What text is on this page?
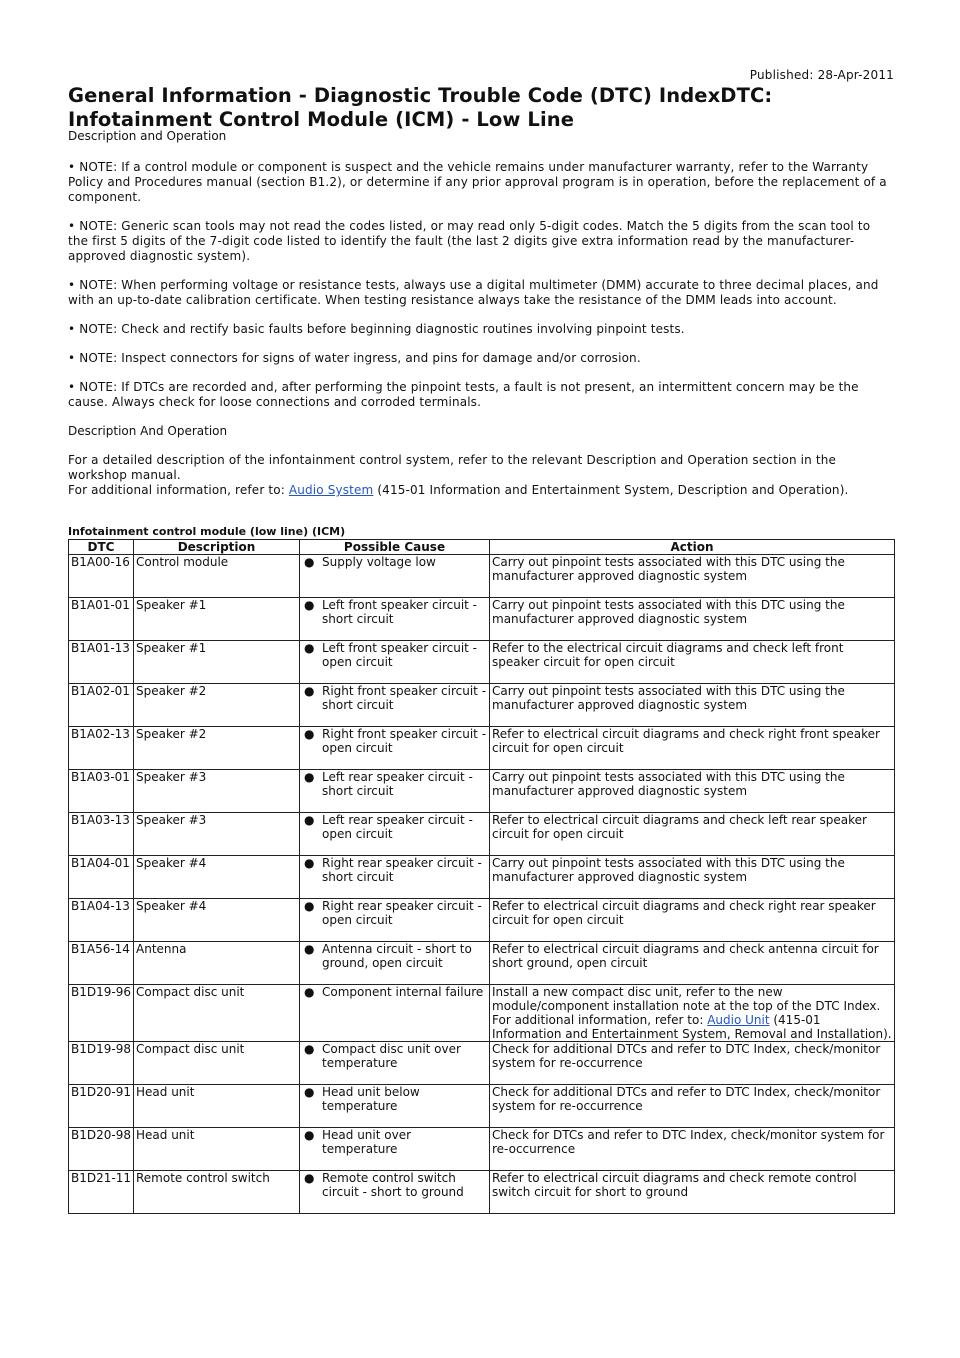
Published: 28-Apr-2011
General Information - Diagnostic Trouble Code (DTC) IndexDTC:
Infotainment Control Module (ICM) - Low Line
Description and Operation

• NOTE: If a control module or component is suspect and the vehicle remains under manufacturer warranty, refer to the Warranty Policy and Procedures manual (section B1.2), or determine if any prior approval program is in operation, before the replacement of a component.

• NOTE: Generic scan tools may not read the codes listed, or may read only 5-digit codes. Match the 5 digits from the scan tool to the first 5 digits of the 7-digit code listed to identify the fault (the last 2 digits give extra information read by the manufacturer-approved diagnostic system).

• NOTE: When performing voltage or resistance tests, always use a digital multimeter (DMM) accurate to three decimal places, and with an up-to-date calibration certificate. When testing resistance always take the resistance of the DMM leads into account.

• NOTE: Check and rectify basic faults before beginning diagnostic routines involving pinpoint tests.

• NOTE: Inspect connectors for signs of water ingress, and pins for damage and/or corrosion.

• NOTE: If DTCs are recorded and, after performing the pinpoint tests, a fault is not present, an intermittent concern may be the cause. Always check for loose connections and corroded terminals.

Description And Operation

For a detailed description of the infontainment control system, refer to the relevant Description and Operation section in the workshop manual.
For additional information, refer to: Audio System (415-01 Information and Entertainment System, Description and Operation).

Infotainment control module (low line) (ICM)
DTC	Description	Possible Cause	Action
B1A00-16	Control module	● Supply voltage low	Carry out pinpoint tests associated with this DTC using the manufacturer approved diagnostic system
B1A01-01	Speaker #1	● Left front speaker circuit - short circuit	Carry out pinpoint tests associated with this DTC using the manufacturer approved diagnostic system
B1A01-13	Speaker #1	● Left front speaker circuit - open circuit	Refer to the electrical circuit diagrams and check left front speaker circuit for open circuit
B1A02-01	Speaker #2	● Right front speaker circuit - short circuit	Carry out pinpoint tests associated with this DTC using the manufacturer approved diagnostic system
B1A02-13	Speaker #2	● Right front speaker circuit - open circuit	Refer to electrical circuit diagrams and check right front speaker circuit for open circuit
B1A03-01	Speaker #3	● Left rear speaker circuit - short circuit	Carry out pinpoint tests associated with this DTC using the manufacturer approved diagnostic system
B1A03-13	Speaker #3	● Left rear speaker circuit - open circuit	Refer to electrical circuit diagrams and check left rear speaker circuit for open circuit
B1A04-01	Speaker #4	● Right rear speaker circuit - short circuit	Carry out pinpoint tests associated with this DTC using the manufacturer approved diagnostic system
B1A04-13	Speaker #4	● Right rear speaker circuit - open circuit	Refer to electrical circuit diagrams and check right rear speaker circuit for open circuit
B1A56-14	Antenna	● Antenna circuit - short to ground, open circuit	Refer to electrical circuit diagrams and check antenna circuit for short ground, open circuit
B1D19-96	Compact disc unit	● Component internal failure	Install a new compact disc unit, refer to the new module/component installation note at the top of the DTC Index.
For additional information, refer to: Audio Unit (415-01 Information and Entertainment System, Removal and Installation).
B1D19-98	Compact disc unit	● Compact disc unit over temperature	Check for additional DTCs and refer to DTC Index, check/monitor system for re-occurrence
B1D20-91	Head unit	● Head unit below temperature	Check for additional DTCs and refer to DTC Index, check/monitor system for re-occurrence
B1D20-98	Head unit	● Head unit over temperature	Check for DTCs and refer to DTC Index, check/monitor system for re-occurrence
B1D21-11	Remote control switch	● Remote control switch circuit - short to ground	Refer to electrical circuit diagrams and check remote control switch circuit for short to ground
